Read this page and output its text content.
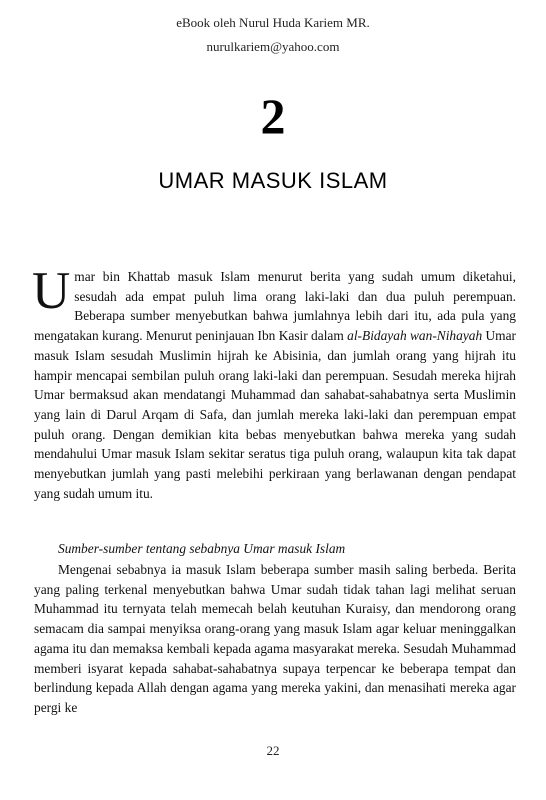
eBook oleh Nurul Huda Kariem MR.
nurulkariem@yahoo.com
2
UMAR MASUK ISLAM
Umar bin Khattab masuk Islam menurut berita yang sudah umum diketahui, sesudah ada empat puluh lima orang laki-laki dan dua puluh perempuan. Beberapa sumber menyebutkan bahwa jumlahnya lebih dari itu, ada pula yang mengatakan kurang. Menurut peninjauan Ibn Kasir dalam al-Bidayah wan-Nihayah Umar masuk Islam sesudah Muslimin hijrah ke Abisinia, dan jumlah orang yang hijrah itu hampir mencapai sembilan puluh orang laki-laki dan perempuan. Sesudah mereka hijrah Umar bermaksud akan mendatangi Muhammad dan sahabat-sahabatnya serta Muslimin yang lain di Darul Arqam di Safa, dan jumlah mereka laki-laki dan perempuan empat puluh orang. Dengan demikian kita bebas menyebutkan bahwa mereka yang sudah mendahului Umar masuk Islam sekitar seratus tiga puluh orang, walaupun kita tak dapat menyebutkan jumlah yang pasti melebihi perkiraan yang berlawanan dengan pendapat yang sudah umum itu.
Sumber-sumber tentang sebabnya Umar masuk Islam
Mengenai sebabnya ia masuk Islam beberapa sumber masih saling berbeda. Berita yang paling terkenal menyebutkan bahwa Umar sudah tidak tahan lagi melihat seruan Muhammad itu ternyata telah memecah belah keutuhan Kuraisy, dan mendorong orang semacam dia sampai menyiksa orang-orang yang masuk Islam agar keluar meninggalkan agama itu dan memaksa kembali kepada agama masyarakat mereka. Sesudah Muhammad memberi isyarat kepada sahabat-sahabatnya supaya terpencar ke beberapa tempat dan berlindung kepada Allah dengan agama yang mereka yakini, dan menasihati mereka agar pergi ke
22
